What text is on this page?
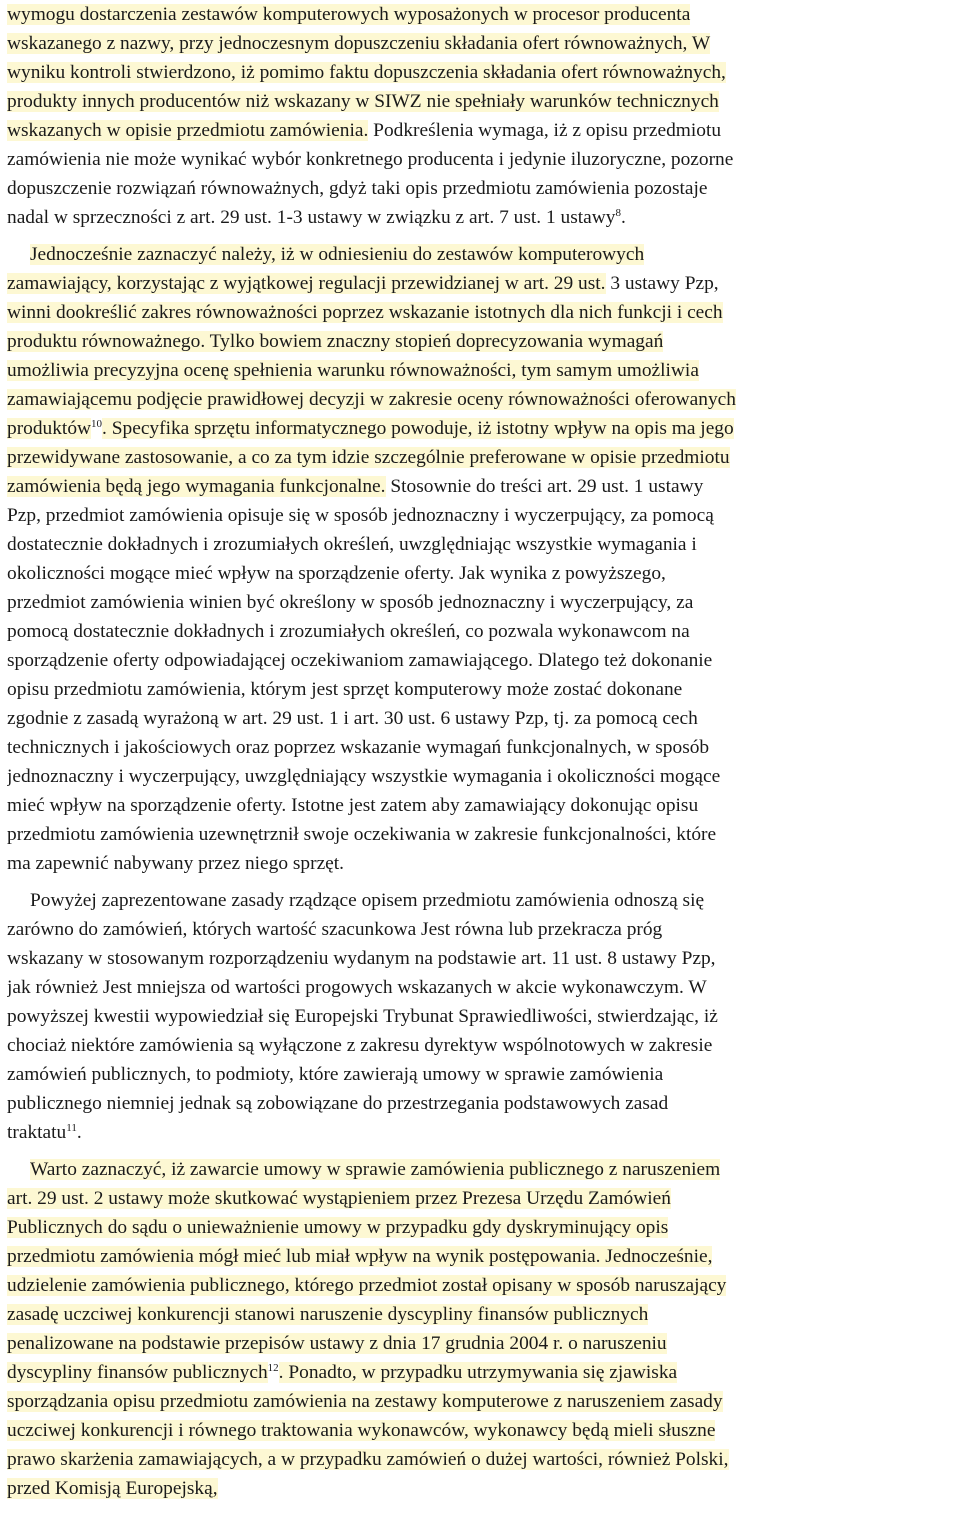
wymogu dostarczenia zestawów komputerowych wyposażonych w procesor producenta
wskazanego z nazwy, przy jednoczesnym dopuszczeniu składania ofert równoważnych, W
wyniku kontroli stwierdzono, iż pomimo faktu dopuszczenia składania ofert równoważnych,
produkty innych producentów niż wskazany w SIWZ nie spełniały warunków technicznych
wskazanych w opisie przedmiotu zamówienia. Podkreślenia wymaga, iż z opisu przedmiotu
zamówienia nie może wynikać wybór konkretnego producenta i jedynie iluzoryczne, pozorne
dopuszczenie rozwiązań równoważnych, gdyż taki opis przedmiotu zamówienia pozostaje
nadal w sprzeczności z art. 29 ust. 1-3 ustawy w związku z art. 7 ust. 1 ustawy$^8$.
Jednocześnie zaznaczyć należy, iż w odniesieniu do zestawów komputerowych
zamawiający, korzystając z wyjątkowej regulacji przewidzianej w art. 29 ust. 3 ustawy Pzp,
winni dookreślić zakres równoważności poprzez wskazanie istotnych dla nich funkcji i cech
produktu równoważnego. Tylko bowiem znaczny stopień doprecyzowania wymagań
umożliwia precyzyjna ocenę spełnienia warunku równoważności, tym samym umożliwia
zamawiającemu podjęcie prawidłowej decyzji w zakresie oceny równoważności oferowanych
produktów$^{10}$. Specyfika sprzętu informatycznego powoduje, iż istotny wpływ na opis ma jego
przewidywane zastosowanie, a co za tym idzie szczególnie preferowane w opisie przedmiotu
zamówienia będą jego wymagania funkcjonalne. Stosownie do treści art. 29 ust. 1 ustawy
Pzp, przedmiot zamówienia opisuje się w sposób jednoznaczny i wyczerpujący, za pomocą
dostatecznie dokładnych i zrozumiałych określeń, uwzględniając wszystkie wymagania i
okoliczności mogące mieć wpływ na sporządzenie oferty. Jak wynika z powyższego,
przedmiot zamówienia winien być określony w sposób jednoznaczny i wyczerpujący, za
pomocą dostatecznie dokładnych i zrozumiałych określeń, co pozwala wykonawcom na
sporządzenie oferty odpowiadającej oczekiwaniom zamawiającego. Dlatego też dokonanie
opisu przedmiotu zamówienia, którym jest sprzęt komputerowy może zostać dokonane
zgodnie z zasadą wyrażoną w art. 29 ust. 1 i art. 30 ust. 6 ustawy Pzp, tj. za pomocą cech
technicznych i jakościowych oraz poprzez wskazanie wymagań funkcjonalnych, w sposób
jednoznaczny i wyczerpujący, uwzględniający wszystkie wymagania i okoliczności mogące
mieć wpływ na sporządzenie oferty. Istotne jest zatem aby zamawiający dokonując opisu
przedmiotu zamówienia uzewnętrznił swoje oczekiwania w zakresie funkcjonalności, które
ma zapewnić nabywany przez niego sprzęt.
Powyżej zaprezentowane zasady rządzące opisem przedmiotu zamówienia odnoszą się
zarówno do zamówień, których wartość szacunkowa Jest równa lub przekracza próg
wskazany w stosowanym rozporządzeniu wydanym na podstawie art. 11 ust. 8 ustawy Pzp,
jak również Jest mniejsza od wartości progowych wskazanych w akcie wykonawczym. W
powyższej kwestii wypowiedział się Europejski Trybunat Sprawiedliwości, stwierdzając, iż
chociaż niektóre zamówienia są wyłączone z zakresu dyrektyw wspólnotowych w zakresie
zamówień publicznych, to podmioty, które zawierają umowy w sprawie zamówienia
publicznego niemniej jednak są zobowiązane do przestrzegania podstawowych zasad
traktatu$^{11}$.
Warto zaznaczyć, iż zawarcie umowy w sprawie zamówienia publicznego z naruszeniem
art. 29 ust. 2 ustawy może skutkować wystąpieniem przez Prezesa Urzędu Zamówień
Publicznych do sądu o unieważnienie umowy w przypadku gdy dyskryminujący opis
przedmiotu zamówienia mógł mieć lub miał wpływ na wynik postępowania. Jednocześnie,
udzielenie zamówienia publicznego, którego przedmiot został opisany w sposób naruszający
zasadę uczciwej konkurencji stanowi naruszenie dyscypliny finansów publicznych
penalizowane na podstawie przepisów ustawy z dnia 17 grudnia 2004 r. o naruszeniu
dyscypliny finansów publicznych$^{12}$. Ponadto, w przypadku utrzymywania się zjawiska
sporządzania opisu przedmiotu zamówienia na zestawy komputerowe z naruszeniem zasady
uczciwej konkurencji i równego traktowania wykonawców, wykonawcy będą mieli słuszne
prawo skarżenia zamawiających, a w przypadku zamówień o dużej wartości, również Polski,
przed Komisją Europejską,
